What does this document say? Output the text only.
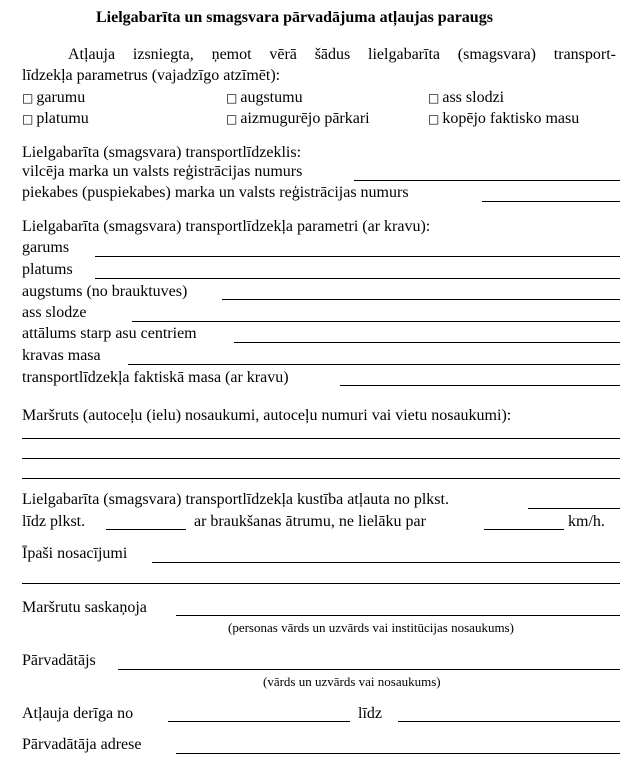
Lielgabarīta un smagsvara pārvadājuma atļaujas paraugs
Atļauja izsniegta, ņemot vērā šādus lielgabarīta (smagsvara) transport-
līdzekļa parametrus (vajadzīgo atzīmēt):
□ garumu	□ augstumu	□ ass slodzi
□ platumu	□ aizmugurējo pārkari	□ kopējo faktisko masu
Lielgabarīta (smagsvara) transportlīdzeklis:
vilcēja marka un valsts reģistrācijas numurs
piekabes (puspiekabes) marka un valsts reģistrācijas numurs
Lielgabarīta (smagsvara) transportlīdzekļa parametri (ar kravu):
garums
platums
augstums (no brauktuves)
ass slodze
attālums starp asu centriem
kravas masa
transportlīdzekļa faktiskā masa (ar kravu)
Maršruts (autoceļu (ielu) nosaukumi, autoceļu numuri vai vietu nosaukumi):
Lielgabarīta (smagsvara) transportlīdzekļa kustība atļauta no plkst.
līdz plkst.	ar braukšanas ātrumu, ne lielāku par	km/h.
Īpaši nosacījumi
Maršrutu saskaņoja
(personas vārds un uzvārds vai institūcijas nosaukums)
Pārvadātājs
(vārds un uzvārds vai nosaukums)
Atļauja derīga no	līdz
Pārvadātāja adrese
